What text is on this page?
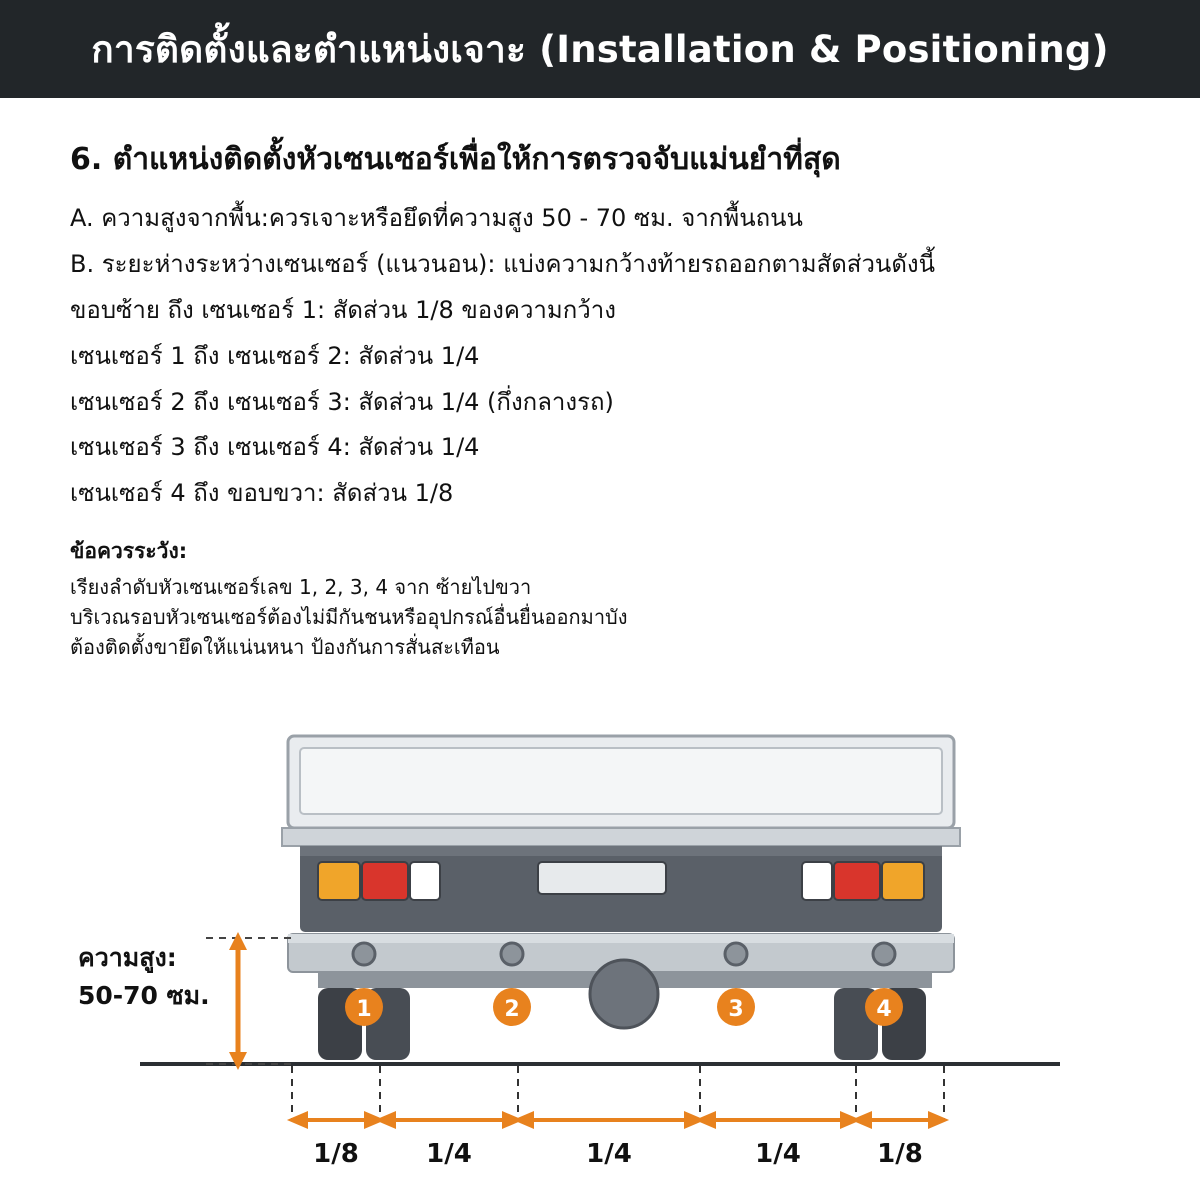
การติดตั้งและตำแหน่งเจาะ (Installation & Positioning)
6. ตำแหน่งติดตั้งหัวเซนเซอร์เพื่อให้การตรวจจับแม่นยำที่สุด

A. ความสูงจากพื้น:ควรเจาะหรือยึดที่ความสูง 50 - 70 ซม. จากพื้นถนน

B. ระยะห่างระหว่างเซนเซอร์ (แนวนอน): แบ่งความกว้างท้ายรถออกตามสัดส่วนดังนี้

ขอบซ้าย ถึง เซนเซอร์ 1: สัดส่วน 1/8 ของความกว้าง

เซนเซอร์ 1 ถึง เซนเซอร์ 2: สัดส่วน 1/4

เซนเซอร์ 2 ถึง เซนเซอร์ 3: สัดส่วน 1/4 (กึ่งกลางรถ)

เซนเซอร์ 3 ถึง เซนเซอร์ 4: สัดส่วน 1/4

เซนเซอร์ 4 ถึง ขอบขวา: สัดส่วน 1/8

ข้อควรระวัง:

เรียงลำดับหัวเซนเซอร์เลข 1, 2, 3, 4 จาก ซ้ายไปขวา

บริเวณรอบหัวเซนเซอร์ต้องไม่มีกันชนหรืออุปกรณ์อื่นยื่นออกมาบัง

ต้องติดตั้งขายึดให้แน่นหนา ป้องกันการสั่นสะเทือน

ความสูง:
50-70 ซม.	1	2	3	4
1/8	1/4	1/4	1/4	1/8
